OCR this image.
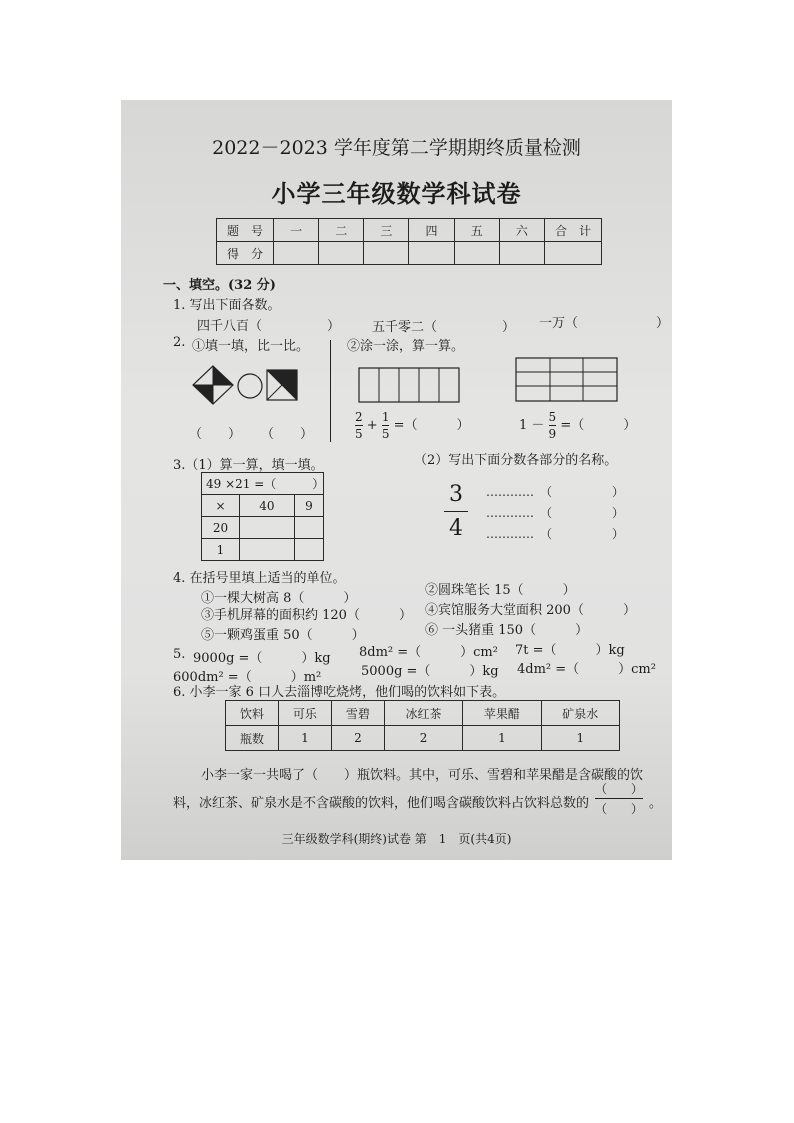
2022－2023 学年度第二学期期终质量检测
小学三年级数学科试卷
题　号	一	二	三	四	五	六	合　计
得　分							
一、填空。(32 分)
1. 写出下面各数。
四千八百（　　　　　） 五千零二（　　　　　） 一万（　　　　　　）
2. ①填一填，比一比。	②涂一涂，算一算。
（　　） （　　）	$\frac{2}{5} + \frac{1}{5}$ =（　　　）	$1 - \frac{5}{9}$ =（　　　）
3.（1）算一算，填一填。	（2）写出下面分数各部分的名称。
49 ×21 =（　　　）		
×	40	9
20		
1		
3
4
…………　（　　　　　）
…………　（　　　　　）
…………　（　　　　　）
4. 在括号里填上适当的单位。
①一棵大树高 8（　　　）
②圆珠笔长 15（　　　）
③手机屏幕的面积约 120（　　　） ④宾馆服务大堂面积 200（　　　）
⑤一颗鸡蛋重 50（　　　）	⑥ 一头猪重 150（　　　）
5. 9000g =（　　　）kg 8dm² =（　　　）cm² 7t =（　　　）kg
600dm² =（　　　）m²	5000g =（　　　）kg 4dm² =（　　　）cm²
6. 小李一家 6 口人去淄博吃烧烤，他们喝的饮料如下表。
饮料	可乐	雪碧	冰红茶	苹果醋	矿泉水
瓶数	1	2	2	1	1
小李一家一共喝了（　　）瓶饮料。其中，可乐、雪碧和苹果醋是含碳酸的饮
料，冰红茶、矿泉水是不含碳酸的饮料，他们喝含碳酸饮料占饮料总数的
（　　）
（　　） 。
三年级数学科(期终)试卷 第　1　页(共4页)
